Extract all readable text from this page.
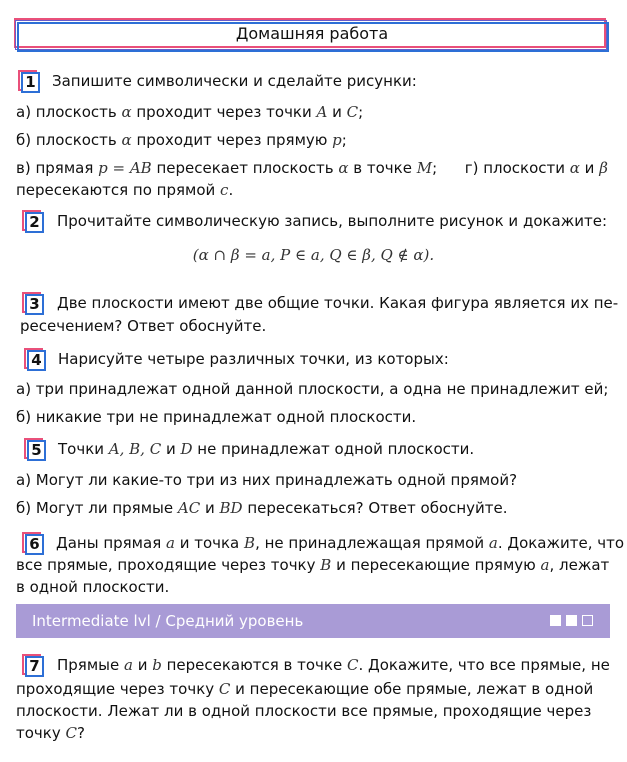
Домашняя работа
1 Запишите символически и сделайте рисунки:
а) плоскость α проходит через точки A и C;
б) плоскость α проходит через прямую p;
в) прямая p = AB пересекает плоскость α в точке M; г) плоскости α и β
пересекаются по прямой c.
2 Прочитайте символическую запись, выполните рисунок и докажите:
(α ∩ β = a, P ∈ a, Q ∈ β, Q ∉ α).
3 Две плоскости имеют две общие точки. Какая фигура является их пе-
ресечением? Ответ обоснуйте.
4 Нарисуйте четыре различных точки, из которых:
а) три принадлежат одной данной плоскости, а одна не принадлежит ей;
б) никакие три не принадлежат одной плоскости.
5 Точки A, B, C и D не принадлежат одной плоскости.
а) Могут ли какие-то три из них принадлежать одной прямой?
б) Могут ли прямые AC и BD пересекаться? Ответ обоснуйте.
6 Даны прямая a и точка B, не принадлежащая прямой a. Докажите, что
все прямые, проходящие через точку B и пересекающие прямую a, лежат
в одной плоскости.
Intermediate lvl / Средний уровень
7 Прямые a и b пересекаются в точке C. Докажите, что все прямые, не
проходящие через точку C и пересекающие обе прямые, лежат в одной
плоскости. Лежат ли в одной плоскости все прямые, проходящие через
точку C?
